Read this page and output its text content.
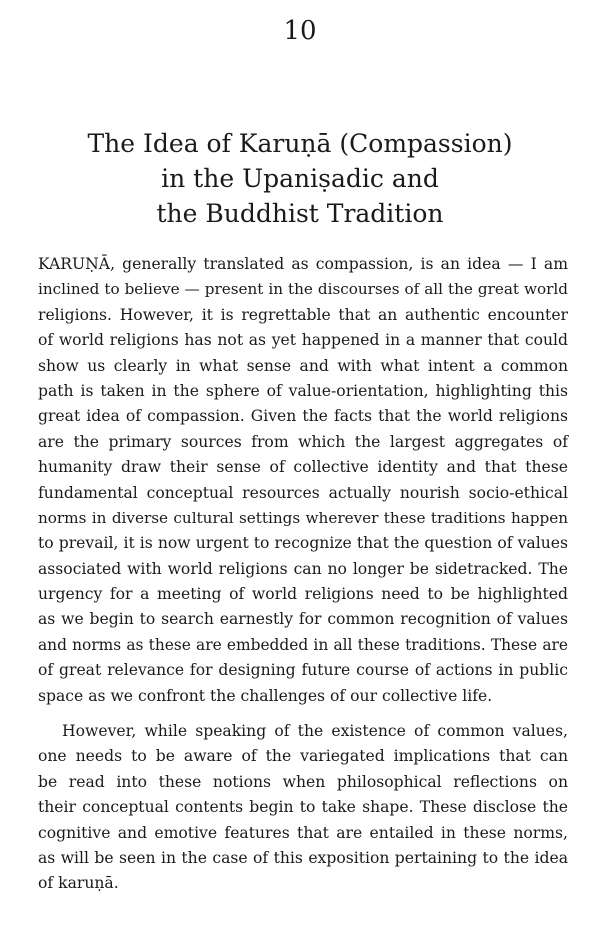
10
The Idea of Karuṇā (Compassion)
in the Upaniṣadic and
the Buddhist Tradition
KARUṆĀ, generally translated as compassion, is an idea — I am
inclined to believe — present in the discourses of all the great world
religions. However, it is regrettable that an authentic encounter
of world religions has not as yet happened in a manner that could
show us clearly in what sense and with what intent a common
path is taken in the sphere of value-orientation, highlighting this
great idea of compassion. Given the facts that the world religions
are the primary sources from which the largest aggregates of
humanity draw their sense of collective identity and that these
fundamental conceptual resources actually nourish socio-ethical
norms in diverse cultural settings wherever these traditions happen
to prevail, it is now urgent to recognize that the question of values
associated with world religions can no longer be sidetracked. The
urgency for a meeting of world religions need to be highlighted
as we begin to search earnestly for common recognition of values
and norms as these are embedded in all these traditions. These are
of great relevance for designing future course of actions in public
space as we confront the challenges of our collective life.
However, while speaking of the existence of common values,
one needs to be aware of the variegated implications that can
be read into these notions when philosophical reflections on
their conceptual contents begin to take shape. These disclose the
cognitive and emotive features that are entailed in these norms,
as will be seen in the case of this exposition pertaining to the idea
of karuṇā.
